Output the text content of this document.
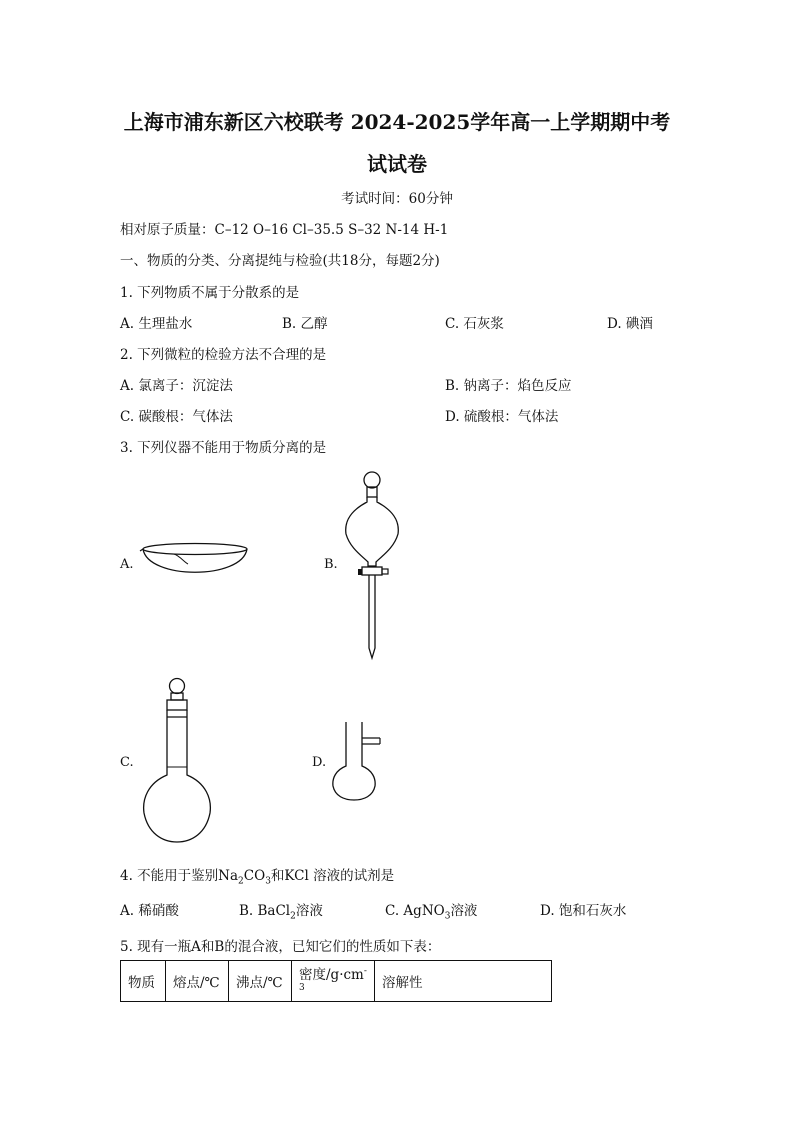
上海市浦东新区六校联考 2024-2025学年高一上学期期中考
试试卷
考试时间：60分钟
相对原子质量：C–12 O–16 Cl–35.5 S–32 N-14 H-1
一、物质的分类、分离提纯与检验(共18分，每题2分)
1. 下列物质不属于分散系的是
A. 生理盐水	B. 乙醇	C. 石灰浆	D. 碘酒
2. 下列微粒的检验方法不合理的是
A. 氯离子：沉淀法	B. 钠离子：焰色反应
C. 碳酸根：气体法	D. 硫酸根：气体法
3. 下列仪器不能用于物质分离的是
A.	B.
C.	D.
4. 不能用于鉴别$Na_2CO_3$和KCl 溶液的试剂是
A. 稀硝酸	B. BaCl$_2$溶液	C. AgNO$_3$溶液	D. 饱和石灰水
5. 现有一瓶A和B的混合液，已知它们的性质如下表：
物质	熔点/℃	沸点/℃	密度$/g\cdot cm^{-3}$	溶解性
